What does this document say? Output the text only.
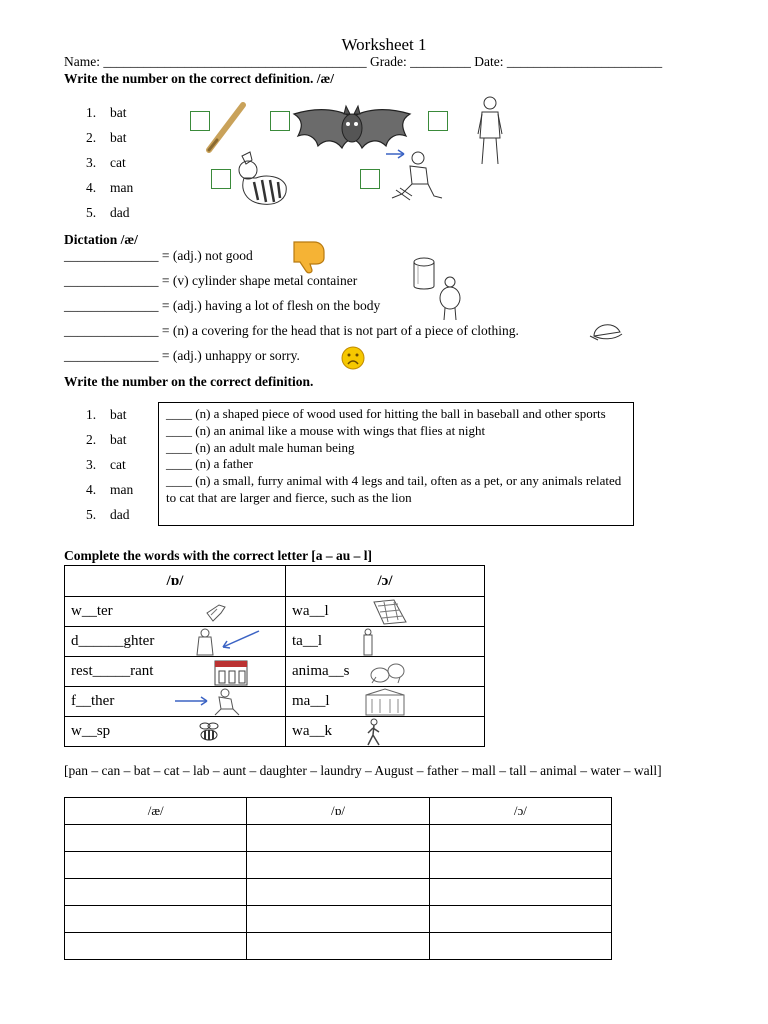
Worksheet 1
Name: _______________________________________ Grade: _________ Date: _______________________
Write the number on the correct definition. /æ/
1. bat
2. bat
3. cat
4. man
5. dad
Dictation /æ/
______________ = (adj.) not good
______________ = (v) cylinder shape metal container
______________ = (adj.) having a lot of flesh on the body
______________ = (n) a covering for the head that is not part of a piece of clothing.
______________ = (adj.) unhappy or sorry.
Write the number on the correct definition.
1. bat
2. bat
3. cat
4. man
5. dad
____ (n) a shaped piece of wood used for hitting the ball in baseball and other sports
____ (n) an animal like a mouse with wings that flies at night
____ (n) an adult male human being
____ (n) a father
____ (n) a small, furry animal with 4 legs and tail, often as a pet, or any animals related to cat that are larger and fierce, such as the lion
Complete the words with the correct letter [a – au – l]
/ɒ/	/ɔ/
w__ter	wa__l

d______ghter	ta__l

rest_____rant	anima__s

f__ther	ma__l

w__sp	wa__k
[pan – can – bat – cat – lab – aunt – daughter – laundry – August – father – mall – tall – animal – water – wall]
/æ/	/ɒ/	/ɔ/
